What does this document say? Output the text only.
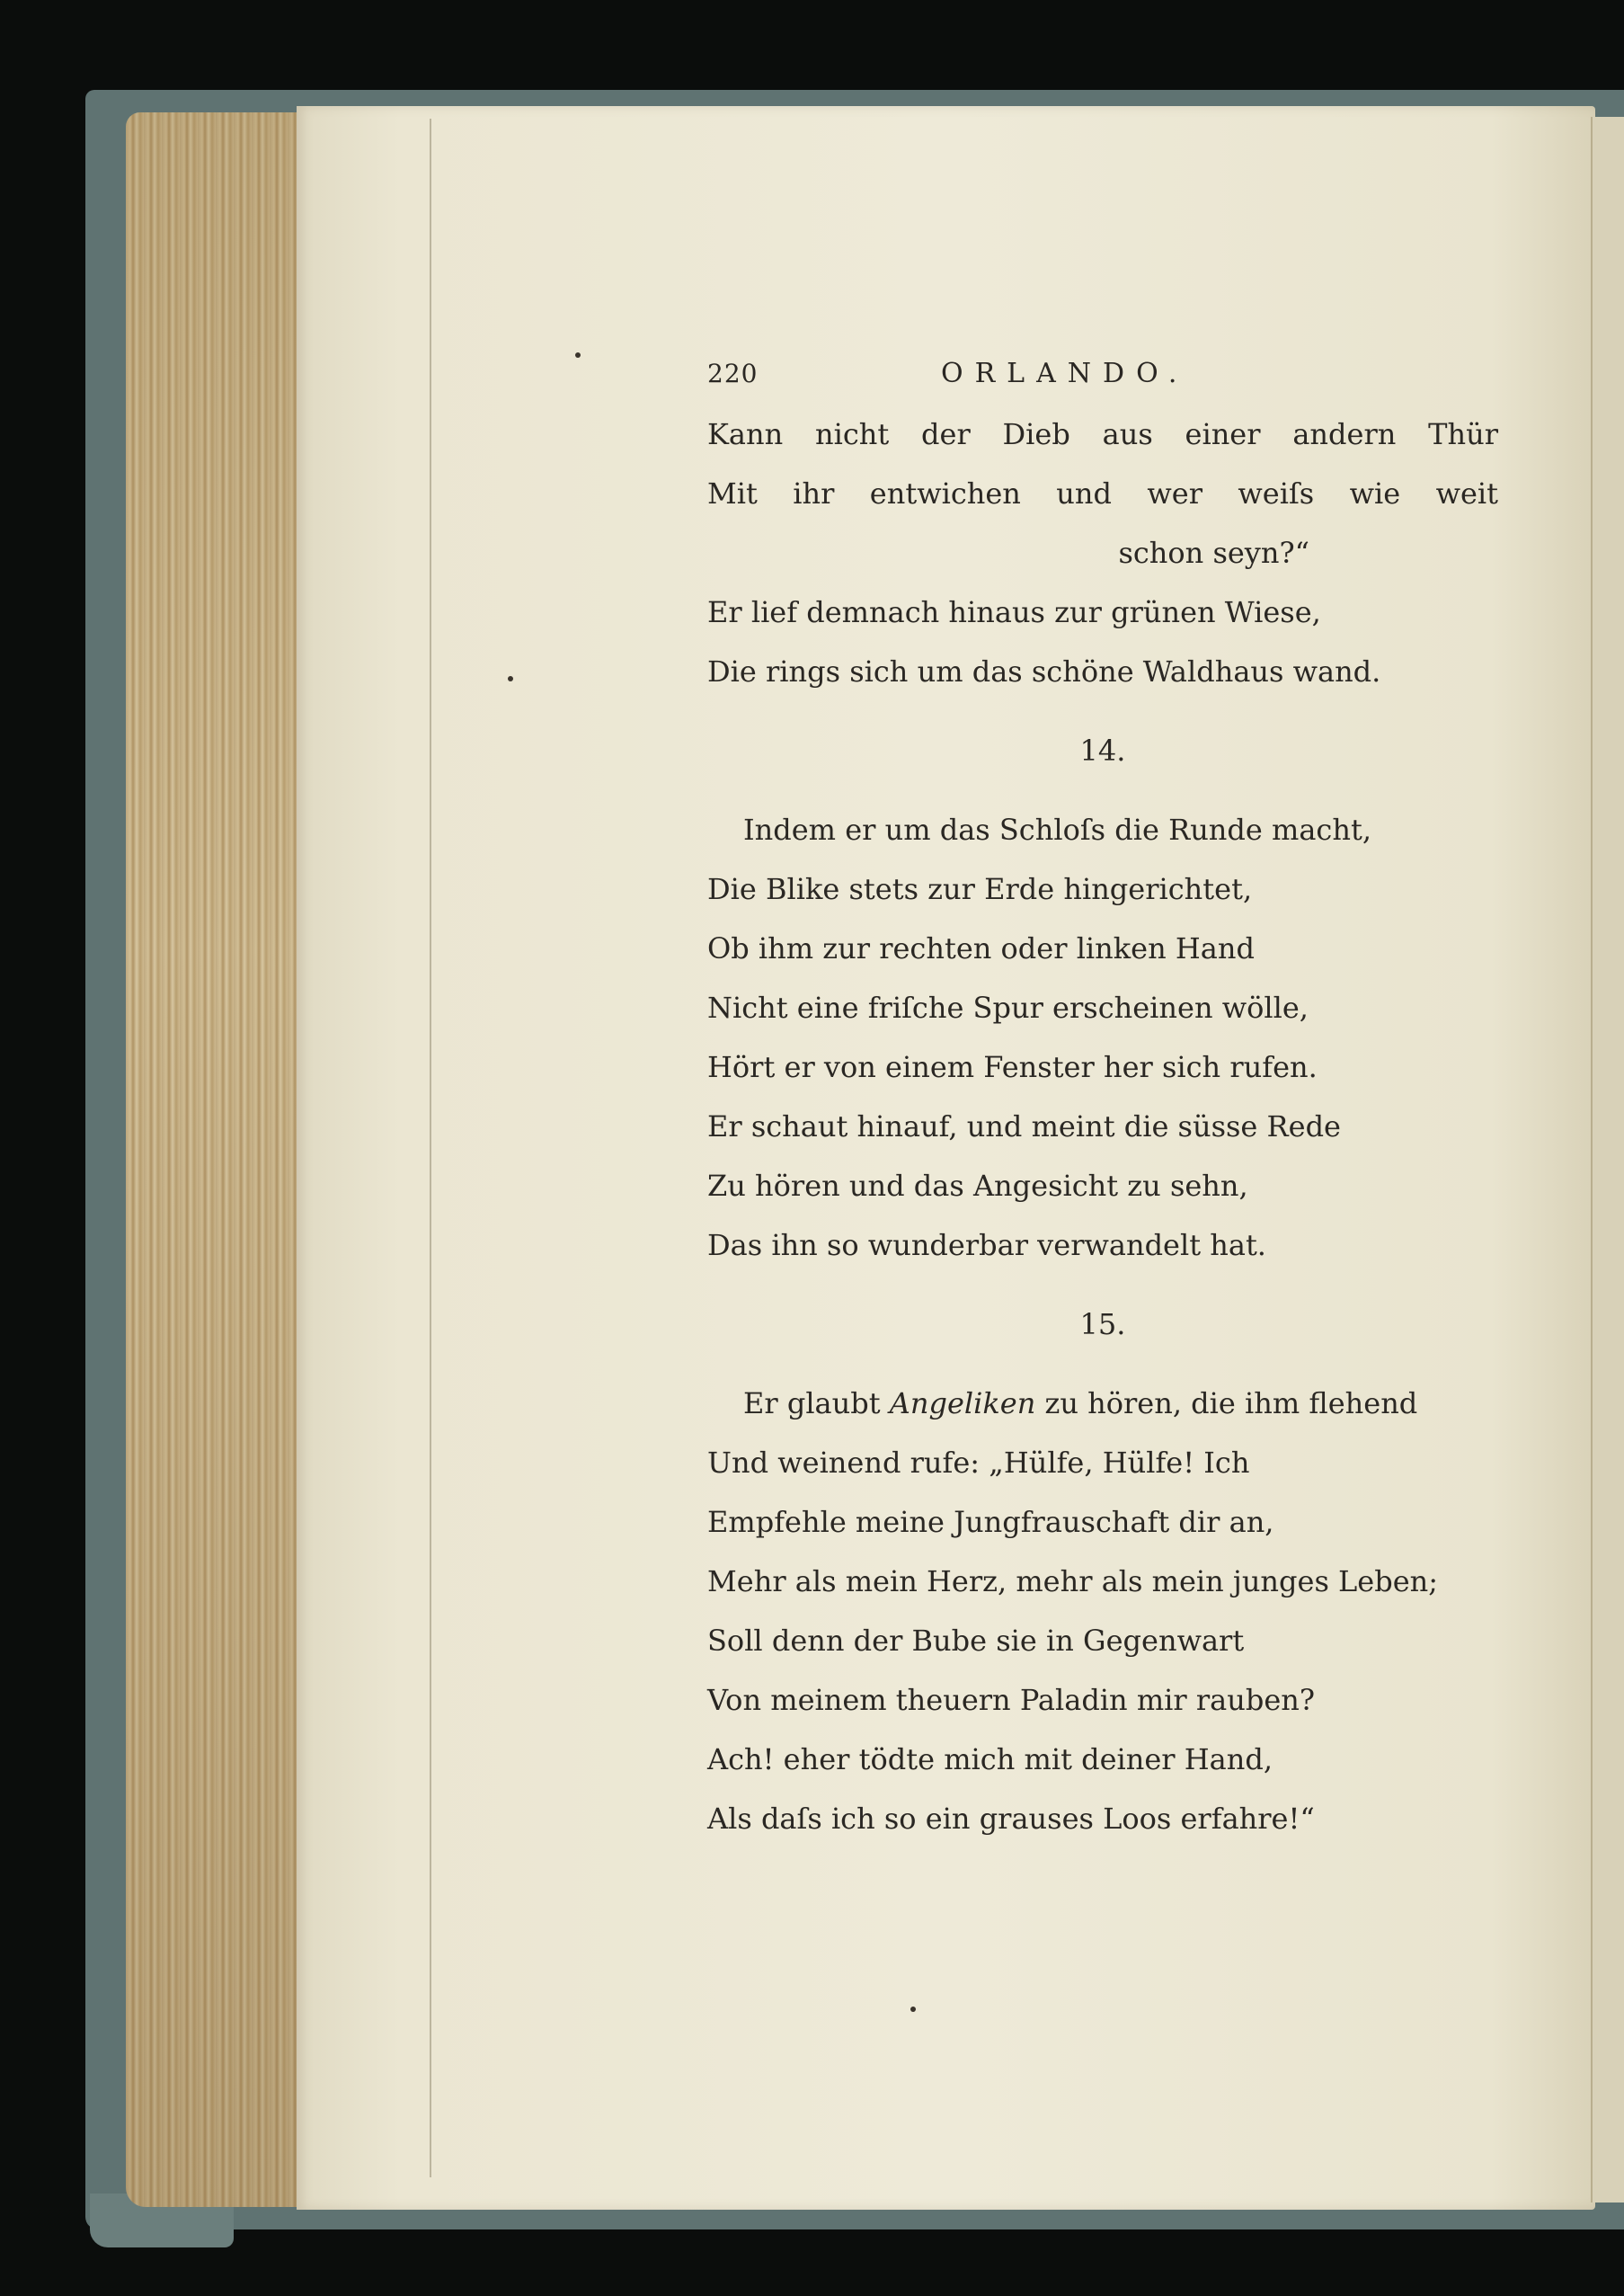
220	ORLANDO.
Kann nicht der Dieb aus einer andern Thür
Mit ihr entwichen und wer weiſs wie weit
schon seyn?“
Er lief demnach hinaus zur grünen Wiese,
Die rings sich um das schöne Waldhaus wand.
14.
Indem er um das Schloſs die Runde macht,
Die Blike stets zur Erde hingerichtet,
Ob ihm zur rechten oder linken Hand
Nicht eine friſche Spur erscheinen wölle,
Hört er von einem Fenster her sich rufen.
Er schaut hinauf, und meint die süsse Rede
Zu hören und das Angesicht zu sehn,
Das ihn so wunderbar verwandelt hat.
15.
Er glaubt Angeliken zu hören, die ihm flehend
Und weinend rufe: „Hülfe, Hülfe! Ich
Empfehle meine Jungfrauschaft dir an,
Mehr als mein Herz, mehr als mein junges Leben;
Soll denn der Bube sie in Gegenwart
Von meinem theuern Paladin mir rauben?
Ach! eher tödte mich mit deiner Hand,
Als daſs ich so ein grauses Loos erfahre!“
